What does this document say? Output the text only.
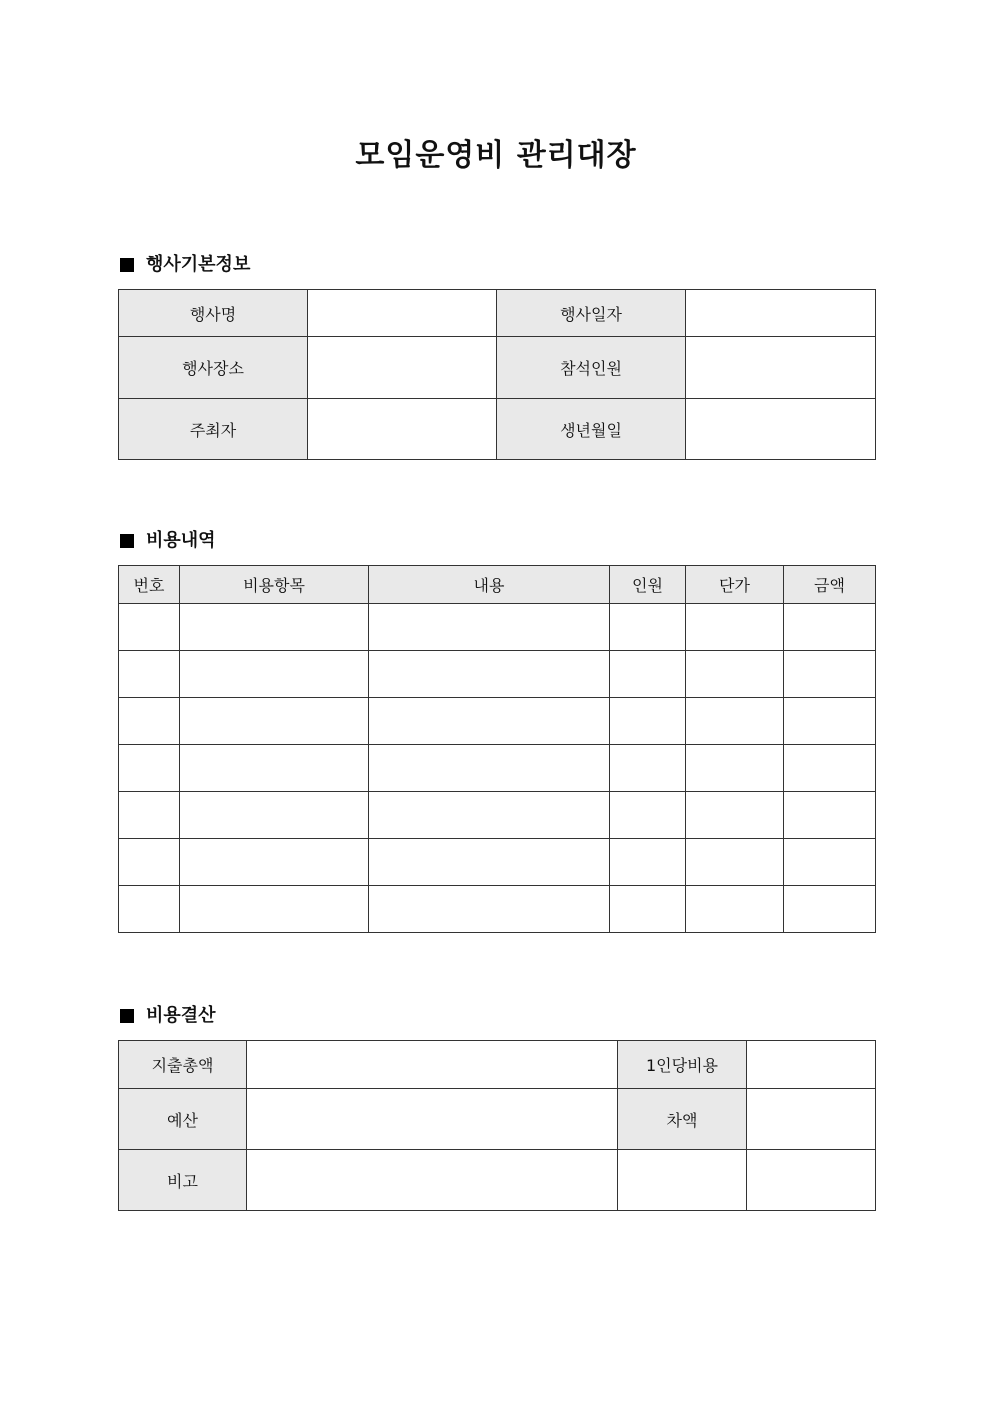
모임운영비 관리대장
행사기본정보
행사명		행사일자	
행사장소		참석인원	
주최자		생년월일	
비용내역
번호	비용항목	내용	인원	단가	금액

비용결산
지출총액		1인당비용	
예산		차액	
비고			
